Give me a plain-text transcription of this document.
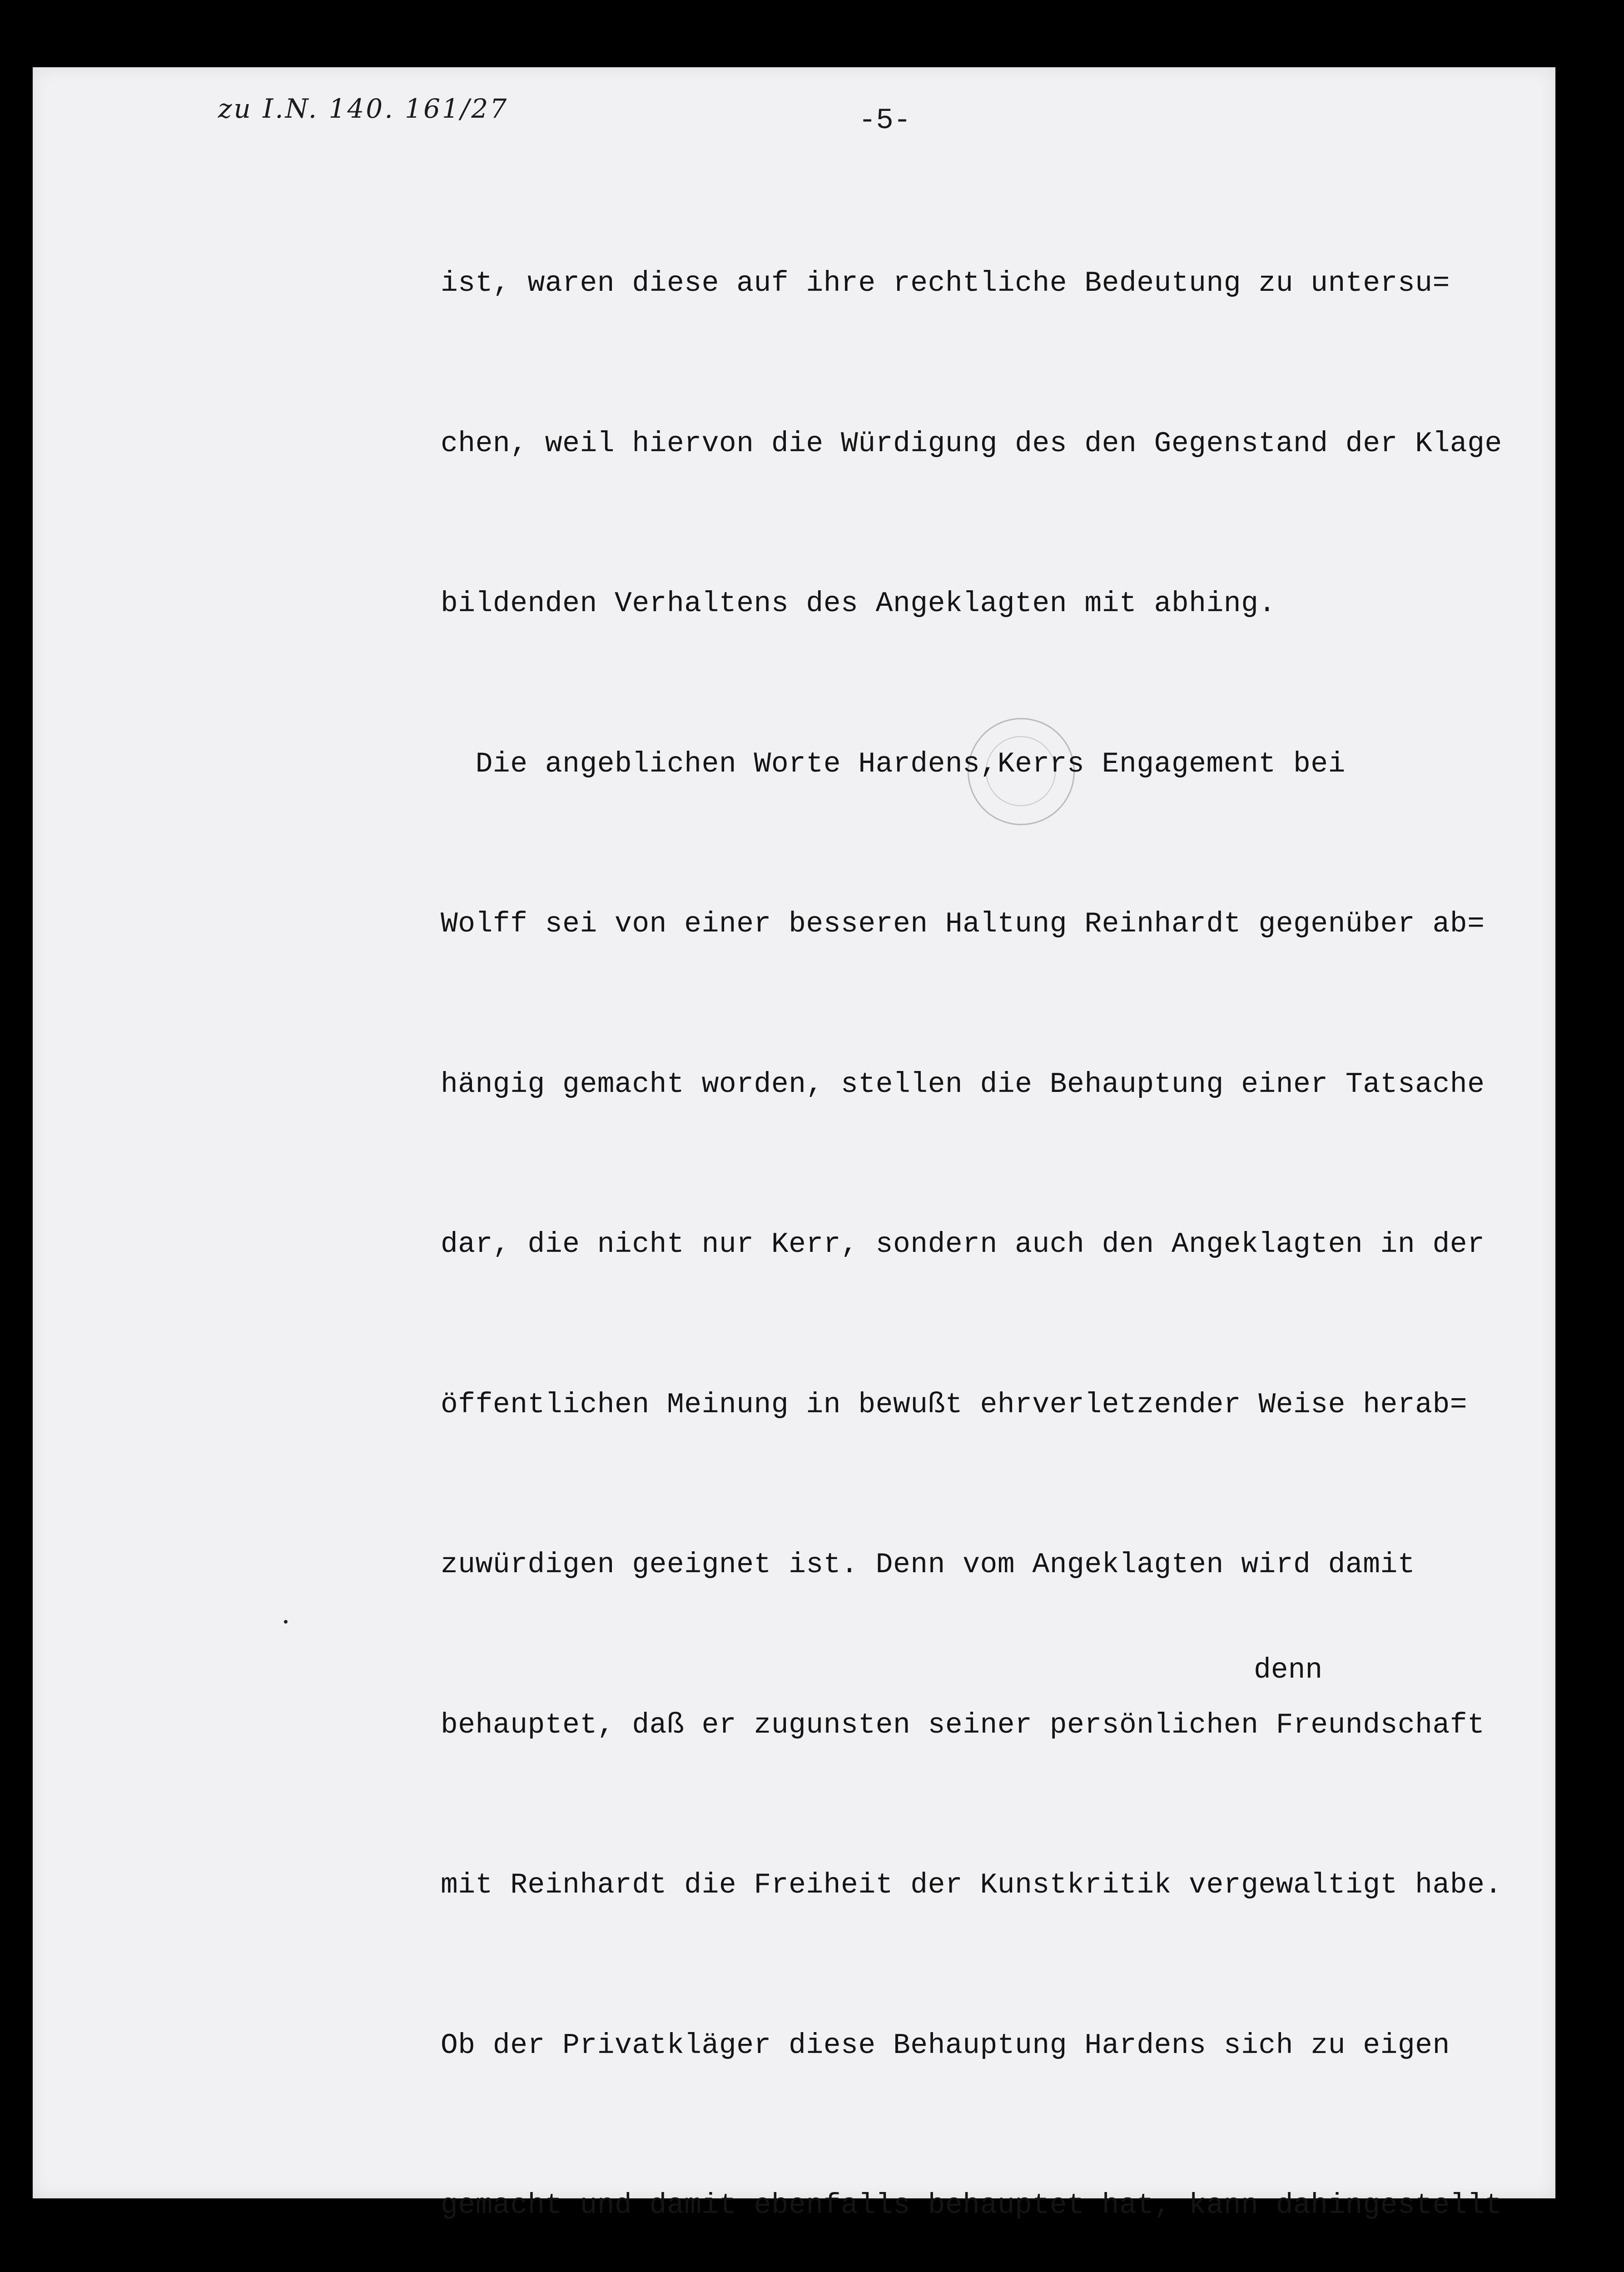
zu I.N. 140. 161/27	-5-

ist, waren diese auf ihre rechtliche Bedeutung zu untersu=

chen, weil hiervon die Würdigung des den Gegenstand der Klage

bildenden Verhaltens des Angeklagten mit abhing.

Die angeblichen Worte Hardens,Kerrs Engagement bei

Wolff sei von einer besseren Haltung Reinhardt gegenüber ab=

hängig gemacht worden, stellen die Behauptung einer Tatsache

dar, die nicht nur Kerr, sondern auch den Angeklagten in der

öffentlichen Meinung in bewußt ehrverletzender Weise herab=

zuwürdigen geeignet ist. Denn vom Angeklagten wird damit

behauptet, daß er zugunsten seiner persönlichen Freundschaft

mit Reinhardt die Freiheit der Kunstkritik vergewaltigt habe.

Ob der Privatkläger diese Behauptung Hardens sich zu eigen

gemacht und damit ebenfalls behauptet hat, kann dahingestellt

denn
